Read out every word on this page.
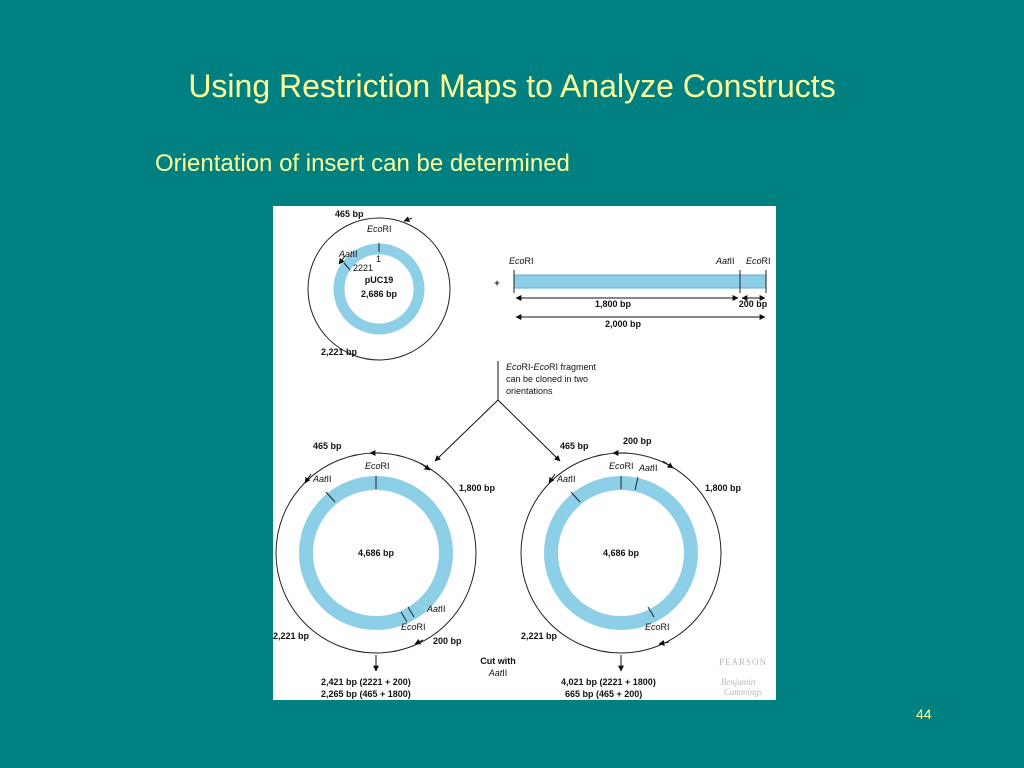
Using Restriction Maps to Analyze Constructs
Orientation of insert can be determined
465 bp
2,221 bp
EcoRI
AatII 1
2221
pUC19
2,686 bp
+
EcoRI	AatII EcoRI
1,800 bp	200 bp
2,000 bp
EcoRI-EcoRI fragment
can be cloned in two
orientations
465 bp
1,800 bp
2,221 bp	200 bp
EcoRI
AatII
AatII
EcoRI
4,686 bp
2,421 bp (2221 + 200)
2,265 bp (465 + 1800)
465 bp	200 bp
1,800 bp
2,221 bp
EcoRI AatII
AatII
EcoRI
4,686 bp
4,021 bp (2221 + 1800)
665 bp (465 + 200)
Cut with
AatII
PEARSON
Benjamin
Cummings
44
